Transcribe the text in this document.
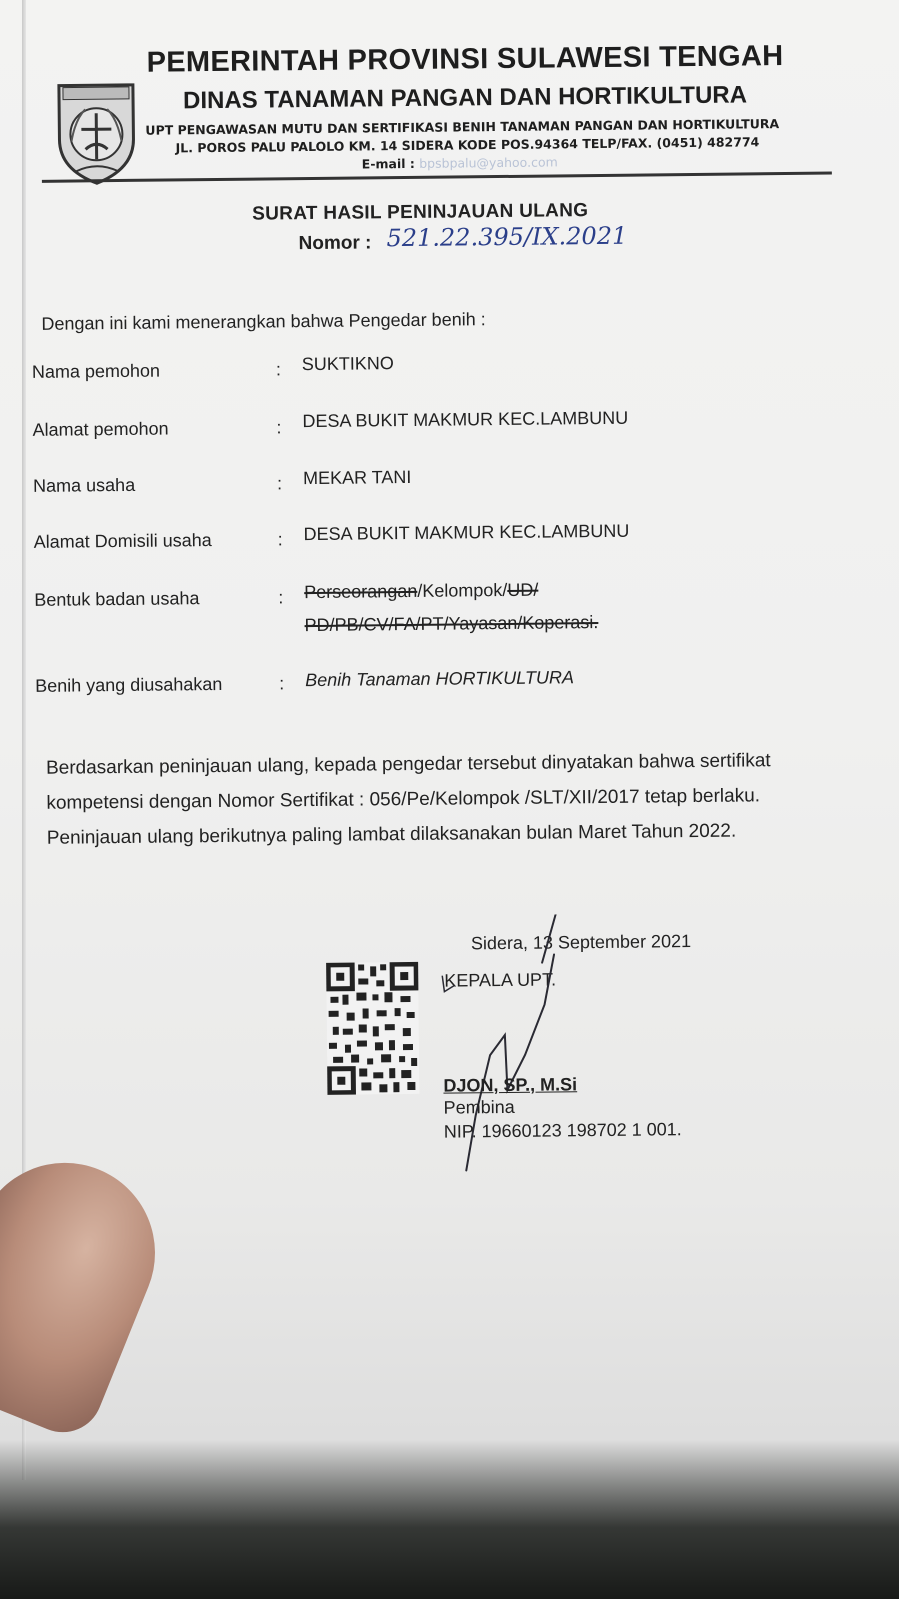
PEMERINTAH PROVINSI SULAWESI TENGAH
DINAS TANAMAN PANGAN DAN HORTIKULTURA
UPT PENGAWASAN MUTU DAN SERTIFIKASI BENIH TANAMAN PANGAN DAN HORTIKULTURA
JL. POROS PALU PALOLO KM. 14 SIDERA KODE POS.94364 TELP/FAX. (0451) 482774
E-mail : bpsbpalu@yahoo.com
SURAT HASIL PENINJAUAN ULANG
Nomor : 521.22.395/IX.2021
Dengan ini kami menerangkan bahwa Pengedar benih :
Nama pemohon	: SUKTIKNO
Alamat pemohon	: DESA BUKIT MAKMUR KEC.LAMBUNU
Nama usaha	: MEKAR TANI
Alamat Domisili usaha	: DESA BUKIT MAKMUR KEC.LAMBUNU
Bentuk badan usaha	: Perseorangan/Kelompok/UD/
PD/PB/CV/FA/PT/Yayasan/Koperasi.
Benih yang diusahakan	: Benih Tanaman HORTIKULTURA
Berdasarkan peninjauan ulang, kepada pengedar tersebut dinyatakan bahwa sertifikat
kompetensi dengan Nomor Sertifikat : 056/Pe/Kelompok /SLT/XII/2017 tetap berlaku.
Peninjauan ulang berikutnya paling lambat dilaksanakan bulan Maret Tahun 2022.
Sidera, 13 September 2021
KEPALA UPT.
DJON, SP., M.Si
Pembina
NIP. 19660123 198702 1 001.
